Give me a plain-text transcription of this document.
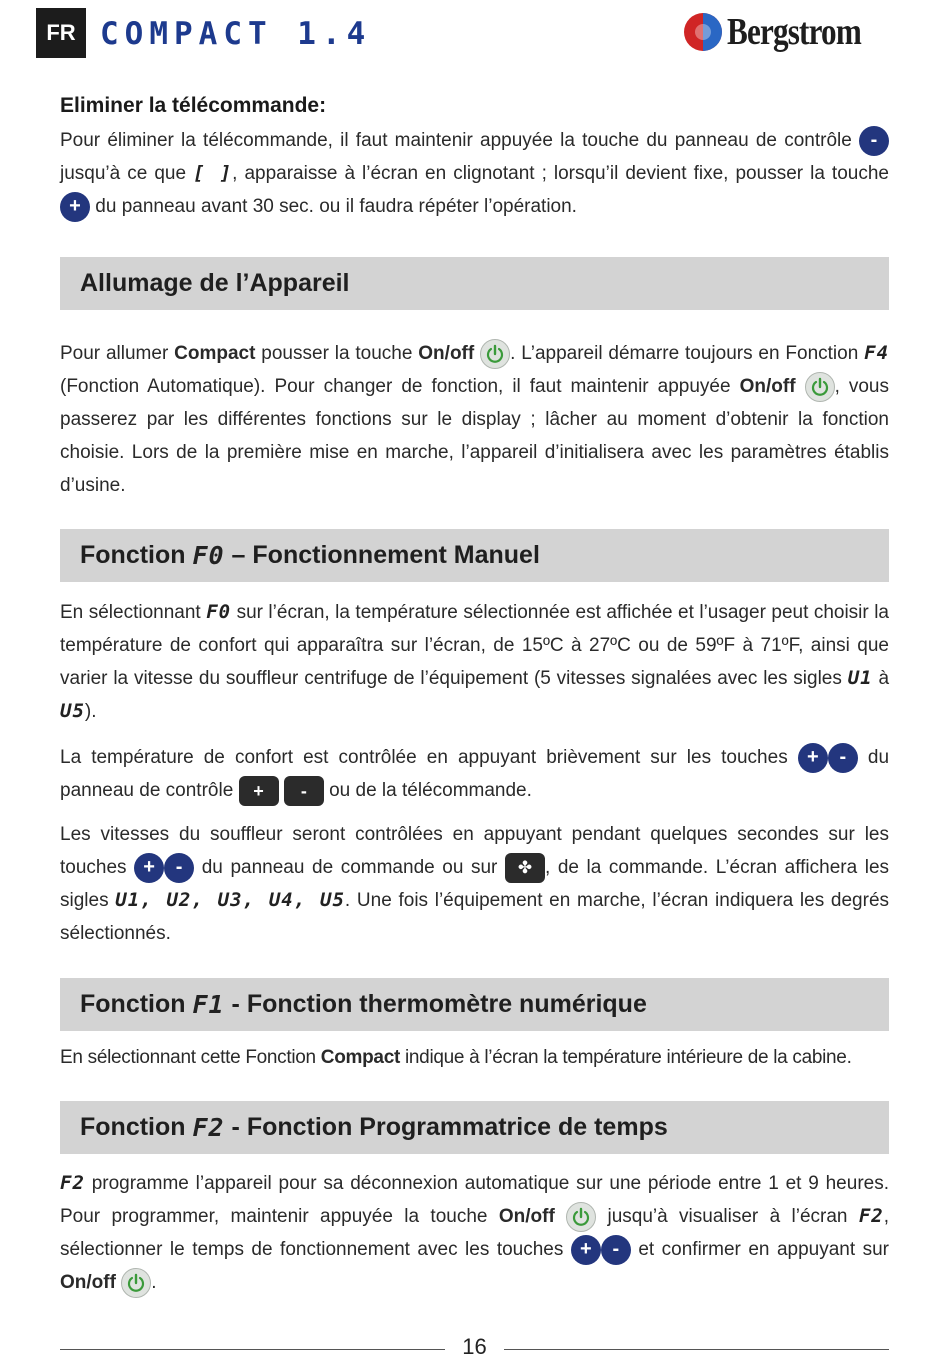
FR COMPACT 1.4	Bergstrom
Eliminer la télécommande:

Pour éliminer la télécommande, il faut maintenir appuyée la touche du panneau de contrôle - jusqu’à ce que [ ], apparaisse à l’écran en clignotant ; lorsqu’il devient fixe, pousser la touche + du panneau avant 30 sec. ou il faudra répéter l’opération.

Allumage de l’Appareil

Pour allumer Compact pousser la touche On/off . L’appareil démarre toujours en Fonction F4 (Fonction Automatique). Pour changer de fonction, il faut maintenir appuyée On/off , vous passerez par les différentes fonctions sur le display ; lâcher au moment d’obtenir la fonction choisie. Lors de la première mise en marche, l’appareil d’initialisera avec les paramètres établis d’usine.

Fonction
F0
– Fonctionnement Manuel

En sélectionnant F0 sur l’écran, la température sélectionnée est affichée et l’usager peut choisir la température de confort qui apparaîtra sur l’écran, de 15ºC à 27ºC ou de 59ºF à 71ºF, ainsi que varier la vitesse du souffleur centrifuge de l’équipement (5 vitesses signalées avec les sigles U1 à U5).

La température de confort est contrôlée en appuyant brièvement sur les touches + - du panneau de contrôle + - ou de la télécommande.

Les vitesses du souffleur seront contrôlées en appuyant pendant quelques secondes sur les touches + - du panneau de commande ou sur ✤ , de la commande. L’écran affichera les sigles U1, U2, U3, U4, U5. Une fois l’équipement en marche, l’écran indiquera les degrés sélectionnés.

Fonction
F1
- Fonction thermomètre numérique

En sélectionnant cette Fonction Compact indique à l’écran la température intérieure de la cabine.

Fonction
F2
- Fonction Programmatrice de temps

F2 programme l’appareil pour sa déconnexion automatique sur une période entre 1 et 9 heures. Pour programmer, maintenir appuyée la touche On/off	jusqu’à visualiser à l’écran F2, sélectionner le temps de fonctionnement avec les touches + - et confirmer en appuyant sur On/off .

16
